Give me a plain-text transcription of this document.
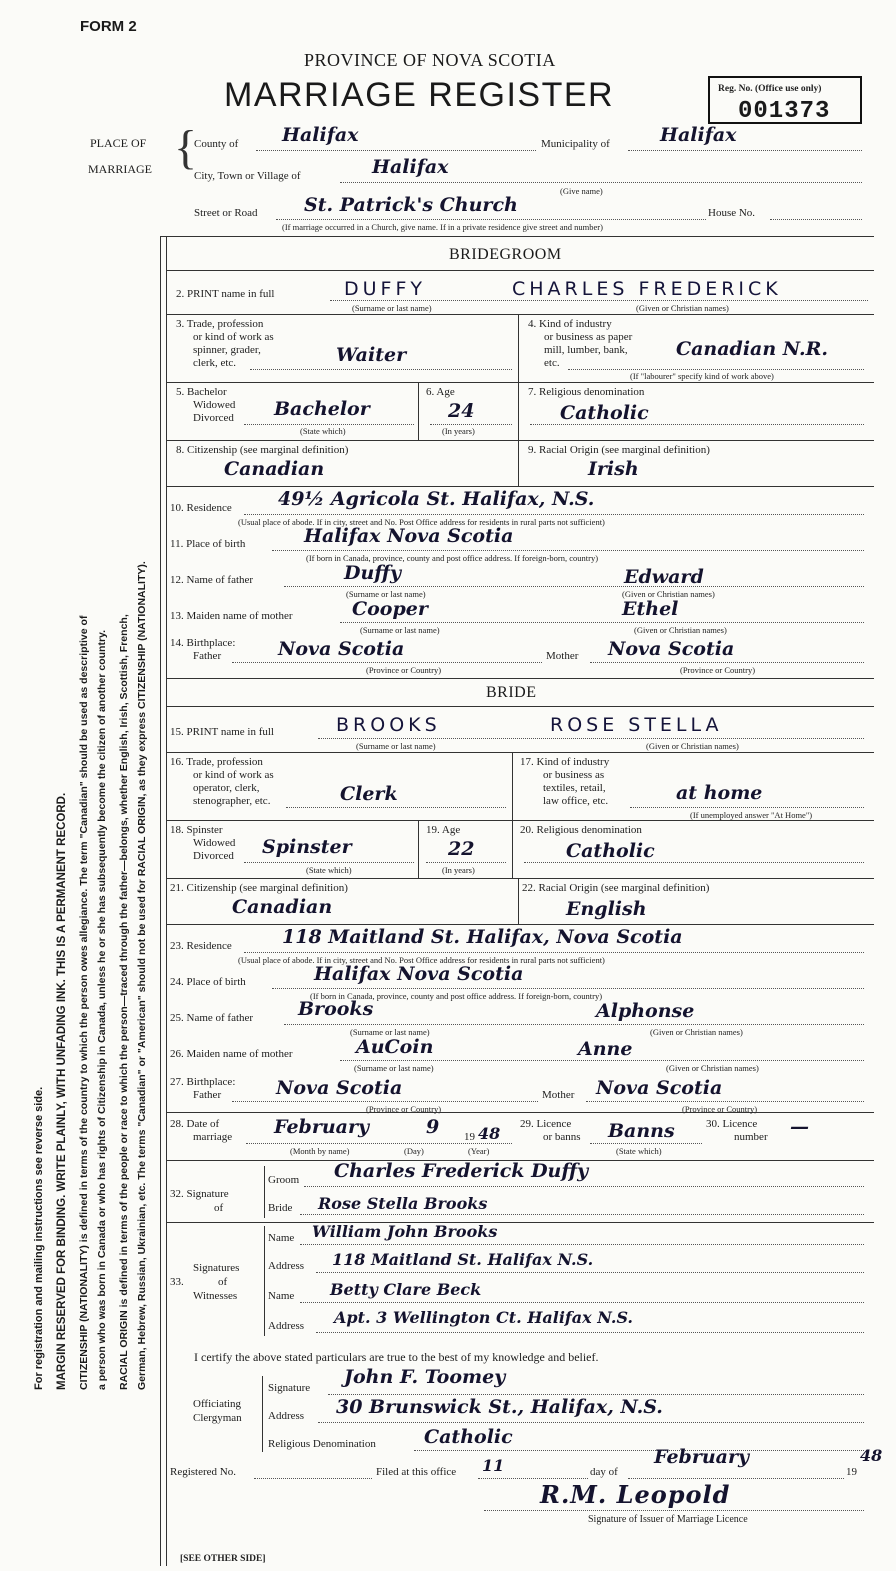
FORM 2
PROVINCE OF NOVA SCOTIA
MARRIAGE REGISTER	Reg. No. (Office use only)
001373
PLACE OF
MARRIAGE {
County of Halifax	Municipality of	Halifax
City, Town or Village of	Halifax
(Give name)
Street or Road St. Patrick's Church	House No.
(If marriage occurred in a Church, give name. If in a private residence give street and number)
For registration and mailing instructions see reverse side. MARGIN RESERVED FOR BINDING. WRITE PLAINLY, WITH UNFADING INK. THIS IS A PERMANENT RECORD. CITIZENSHIP (NATIONALITY) is defined in terms of the country to which the person owes allegiance. The term "Canadian" should be used as descriptive of a person who was born in Canada or who has rights of Citizenship in Canada, unless he or she has subsequently become the citizen of another country. RACIAL ORIGIN is defined in terms of the people or race to which the person—traced through the father—belongs, whether English, Irish, Scottish, French, German, Hebrew, Russian, Ukrainian, etc. The terms "Canadian" or "American" should not be used for RACIAL ORIGIN, as they express CITIZENSHIP (NATIONALITY).
BRIDEGROOM
2. PRINT name in full	DUFFY	CHARLES FREDERICK
(Surname or last name)	(Given or Christian names)
3. Trade, profession
or kind of work as
spinner, grader,
clerk, etc.	Waiter
4. Kind of industry
or business as paper
mill, lumber, bank,
etc.
Canadian N.R.
(If "labourer" specify kind of work above)
5. Bachelor
Widowed
Divorced Bachelor
(State which)
6. Age
24
(In years)
7. Religious denomination
Catholic
8. Citizenship (see marginal definition)
Canadian
9. Racial Origin (see marginal definition)
Irish
10. Residence 49½ Agricola St. Halifax, N.S.
(Usual place of abode. If in city, street and No. Post Office address for residents in rural parts not sufficient)
11. Place of birth	Halifax Nova Scotia
(If born in Canada, province, county and post office address. If foreign-born, country)
12. Name of father	Duffy	Edward
(Surname or last name)	(Given or Christian names)
13. Maiden name of mother	Cooper	Ethel
(Surname or last name)	(Given or Christian names)
14. Birthplace:
Father	Nova Scotia	Mother Nova Scotia
(Province or Country)	(Province or Country)
BRIDE
15. PRINT name in full	BROOKS	ROSE STELLA
(Surname or last name)	(Given or Christian names)
16. Trade, profession
or kind of work as
operator, clerk,
stenographer, etc.	Clerk
17. Kind of industry
or business as
textiles, retail,
law office, etc.	at home
(If unemployed answer "At Home")
18. Spinster
Widowed
Divorced Spinster
(State which)
19. Age
22
(In years)
20. Religious denomination
Catholic
21. Citizenship (see marginal definition)
Canadian
22. Racial Origin (see marginal definition)
English
23. Residence	118 Maitland St. Halifax, Nova Scotia
(Usual place of abode. If in city, street and No. Post Office address for residents in rural parts not sufficient)
24. Place of birth	Halifax Nova Scotia
(If born in Canada, province, county and post office address. If foreign-born, country)
25. Name of father Brooks	Alphonse
(Surname or last name)	(Given or Christian names)
26. Maiden name of mother	AuCoin	Anne
(Surname or last name)	(Given or Christian names)
27. Birthplace:
Father	Nova Scotia	Mother Nova Scotia
(Province or Country)	(Province or Country)
28. Date of
marriage February	9 19 48
(Month by name)	(Day)	(Year)
29. Licence
or banns Banns
(State which)
30. Licence
number —
32. Signature
of
Groom Charles Frederick Duffy
Bride Rose Stella Brooks
33.
Signatures
of
Witnesses
Name William John Brooks
Address 118 Maitland St. Halifax N.S.
Name Betty Clare Beck
Address Apt. 3 Wellington Ct. Halifax N.S.
I certify the above stated particulars are true to the best of my knowledge and belief.
Officiating
Clergyman
Signature John F. Toomey
Address 30 Brunswick St., Halifax, N.S.
Religious Denomination	Catholic
Registered No.	Filed at this office 11	day of
February
19
48
R.M. Leopold
Signature of Issuer of Marriage Licence
[SEE OTHER SIDE]
